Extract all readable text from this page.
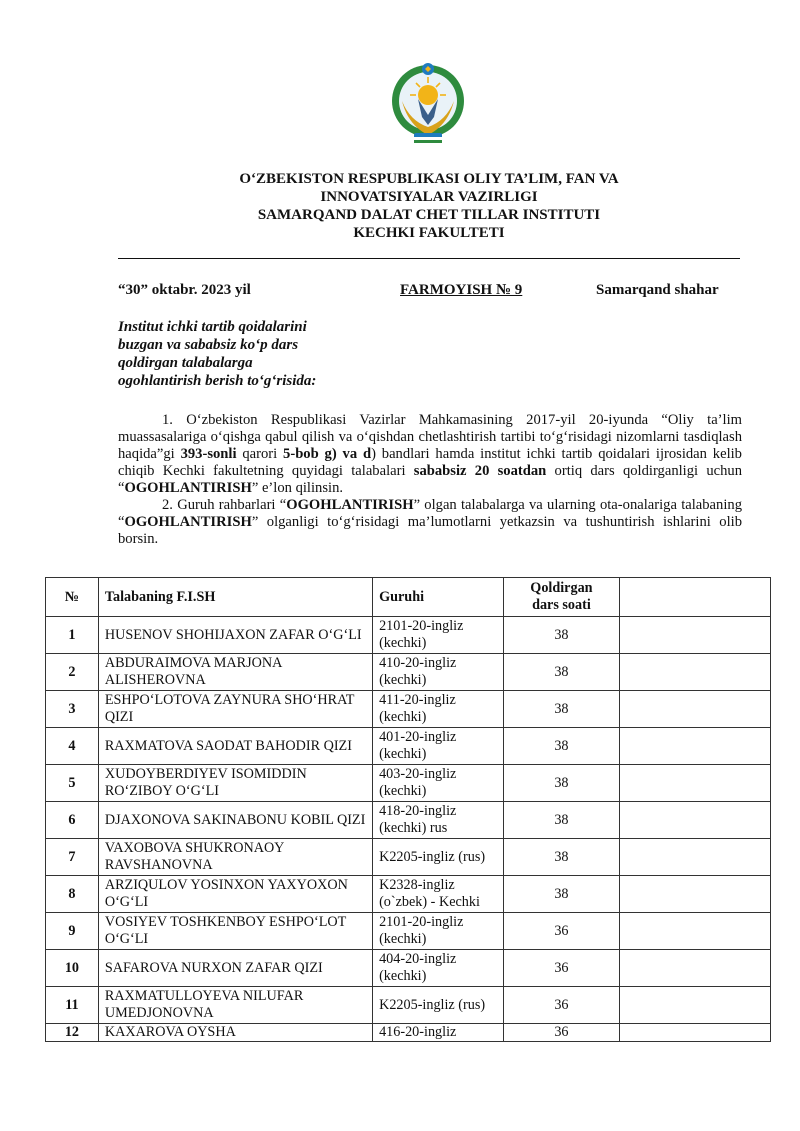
O‘ZBEKISTON RESPUBLIKASI OLIY TA’LIM, FAN VA
INNOVATSIYALAR VAZIRLIGI
SAMARQAND DALAT CHET TILLAR INSTITUTI
KECHKI FAKULTETI
“30” oktabr. 2023 yil	FARMOYISH № 9	Samarqand shahar
Institut ichki tartib qoidalarini
buzgan va sababsiz ko‘p dars
qoldirgan talabalarga
ogohlantirish berish to‘g‘risida:

1. O‘zbekiston Respublikasi Vazirlar Mahkamasining 2017-yil 20-iyunda “Oliy ta’lim muassasalariga o‘qishga qabul qilish va o‘qishdan chetlashtirish tartibi to‘g‘risidagi nizomlarni tasdiqlash haqida”gi 393-sonli qarori 5-bob g) va d) bandlari hamda institut ichki tartib qoidalari ijrosidan kelib chiqib Kechki fakultetning quyidagi talabalari sababsiz 20 soatdan ortiq dars qoldirganligi uchun “OGOHLANTIRISH” e’lon qilinsin.

2. Guruh rahbarlari “OGOHLANTIRISH” olgan talabalarga va ularning ota-onalariga talabaning “OGOHLANTIRISH” olganligi to‘g‘risidagi ma’lumotlarni yetkazsin va tushuntirish ishlarini olib borsin.

№	Talabaning F.I.SH	Guruhi	Qoldirgan
dars soati	

1	HUSENOV SHOHIJAXON ZAFAR O‘G‘LI	2101-20-ingliz (kechki)	38	
2	ABDURAIMOVA MARJONA ALISHEROVNA	410-20-ingliz (kechki)	38	
3	ESHPO‘LOTOVA ZAYNURA SHO‘HRAT QIZI	411-20-ingliz (kechki)	38	
4	RAXMATOVA SAODAT BAHODIR QIZI	401-20-ingliz (kechki)	38	
5	XUDOYBERDIYEV ISOMIDDIN RO‘ZIBOY O‘G‘LI	403-20-ingliz (kechki)	38	
6	DJAXONOVA SAKINABONU KOBIL QIZI	418-20-ingliz (kechki) rus	38	
7	VAXOBOVA SHUKRONAOY RAVSHANOVNA	K2205-ingliz (rus)	38	
8	ARZIQULOV YOSINXON YAXYOXON O‘G‘LI	K2328-ingliz (o`zbek) - Kechki	38	
9	VOSIYEV TOSHKENBOY ESHPO‘LOT O‘G‘LI	2101-20-ingliz (kechki)	36	
10	SAFAROVA NURXON ZAFAR QIZI	404-20-ingliz (kechki)	36	
11	RAXMATULLOYEVA NILUFAR UMEDJONOVNA	K2205-ingliz (rus)	36	
12	KAXAROVA OYSHA	416-20-ingliz	36	
